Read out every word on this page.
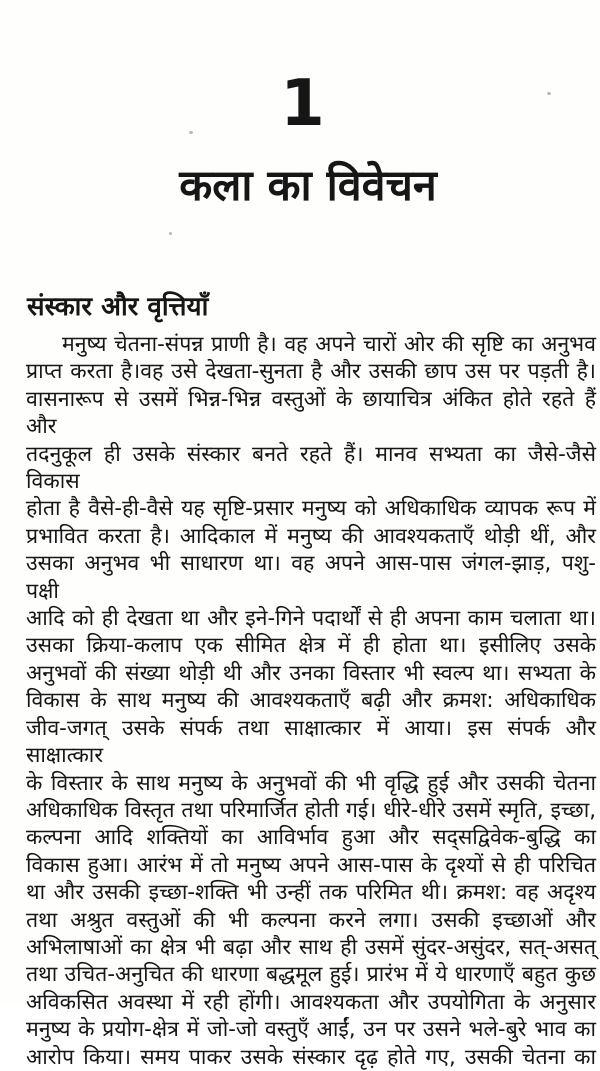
1
कला का विवेचन
संस्कार और वृत्तियाँ
मनुष्य चेतना-संपन्न प्राणी है। वह अपने चारों ओर की सृष्टि का अनुभव
प्राप्त करता है।वह उसे देखता-सुनता है और उसकी छाप उस पर पड़ती है।
वासनारूप से उसमें भिन्न-भिन्न वस्तुओं के छायाचित्र अंकित होते रहते हैं और
तदनुकूल ही उसके संस्कार बनते रहते हैं। मानव सभ्यता का जैसे-जैसे विकास
होता है वैसे-ही-वैसे यह सृष्टि-प्रसार मनुष्य को अधिकाधिक व्यापक रूप में
प्रभावित करता है। आदिकाल में मनुष्य की आवश्यकताएँ थोड़ी थीं, और
उसका अनुभव भी साधारण था। वह अपने आस-पास जंगल-झाड़, पशु-पक्षी
आदि को ही देखता था और इने-गिने पदार्थों से ही अपना काम चलाता था।
उसका क्रिया-कलाप एक सीमित क्षेत्र में ही होता था। इसीलिए उसके
अनुभवों की संख्या थोड़ी थी और उनका विस्तार भी स्वल्प था। सभ्यता के
विकास के साथ मनुष्य की आवश्यकताएँ बढ़ी और क्रमश: अधिकाधिक
जीव-जगत् उसके संपर्क तथा साक्षात्कार में आया। इस संपर्क और साक्षात्कार
के विस्तार के साथ मनुष्य के अनुभवों की भी वृद्धि हुई और उसकी चेतना
अधिकाधिक विस्तृत तथा परिमार्जित होती गई। धीरे-धीरे उसमें स्मृति, इच्छा,
कल्पना आदि शक्तियों का आविर्भाव हुआ और सद्सद्विवेक-बुद्धि का
विकास हुआ। आरंभ में तो मनुष्य अपने आस-पास के दृश्यों से ही परिचित
था और उसकी इच्छा-शक्ति भी उन्हीं तक परिमित थी। क्रमश: वह अदृश्य
तथा अश्रुत वस्तुओं की भी कल्पना करने लगा। उसकी इच्छाओं और
अभिलाषाओं का क्षेत्र भी बढ़ा और साथ ही उसमें सुंदर-असुंदर, सत्-असत्
तथा उचित-अनुचित की धारणा बद्धमूल हुई। प्रारंभ में ये धारणाएँ बहुत कुछ
अविकसित अवस्था में रही होंगी। आवश्यकता और उपयोगिता के अनुसार
मनुष्य के प्रयोग-क्षेत्र में जो-जो वस्तुएँ आईं, उन पर उसने भले-बुरे भाव का
आरोप किया। समय पाकर उसके संस्कार दृढ़ होते गए, उसकी चेतना का
